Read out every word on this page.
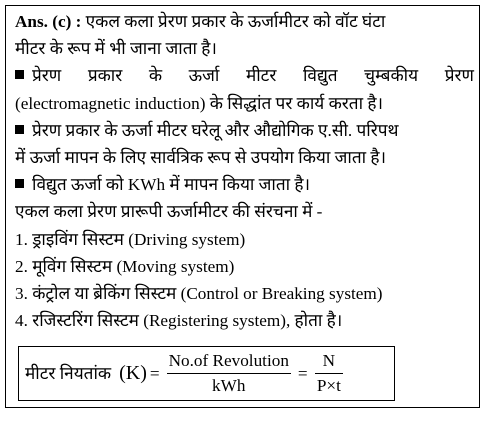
Ans. (c) : एकल कला प्रेरण प्रकार के ऊर्जामीटर को वॉट घंटा
मीटर के रूप में भी जाना जाता है।
प्रेरण प्रकार के ऊर्जा मीटर विद्युत चुम्बकीय प्रेरण
(electromagnetic induction) के सिद्धांत पर कार्य करता है।
प्रेरण प्रकार के ऊर्जा मीटर घरेलू और औद्योगिक ए.सी. परिपथ
में ऊर्जा मापन के लिए सार्वत्रिक रूप से उपयोग किया जाता है।
विद्युत ऊर्जा को KWh में मापन किया जाता है।
एकल कला प्रेरण प्रारूपी ऊर्जामीटर की संरचना में -
1. ड्राइविंग सिस्टम (Driving system)
2. मूविंग सिस्टम (Moving system)
3. कंट्रोल या ब्रेकिंग सिस्टम (Control or Breaking system)
4. रजिस्टरिंग सिस्टम (Registering system), होता है।
मीटर नियतांक $(K) = \frac{\text{No.of Revolution}}{\text{kWh}} = \frac{N}{P\times t}$
